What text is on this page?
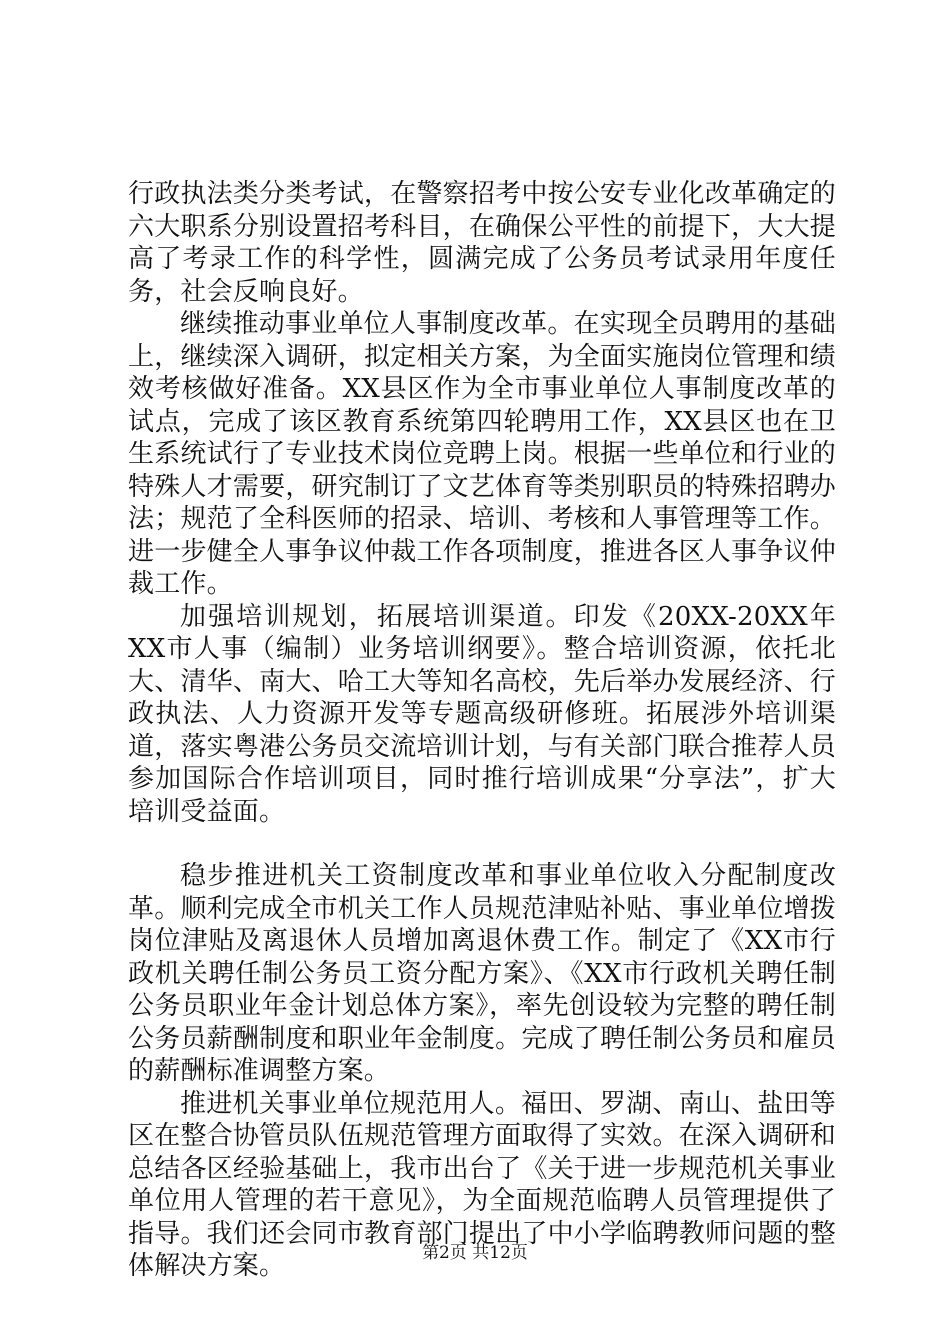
行政执法类分类考试，在警察招考中按公安专业化改革确定的六大职系分别设置招考科目，在确保公平性的前提下，大大提高了考录工作的科学性，圆满完成了公务员考试录用年度任务，社会反响良好。

继续推动事业单位人事制度改革。在实现全员聘用的基础上，继续深入调研，拟定相关方案，为全面实施岗位管理和绩效考核做好准备。XX县区作为全市事业单位人事制度改革的试点，完成了该区教育系统第四轮聘用工作，XX县区也在卫生系统试行了专业技术岗位竞聘上岗。根据一些单位和行业的特殊人才需要，研究制订了文艺体育等类别职员的特殊招聘办法；规范了全科医师的招录、培训、考核和人事管理等工作。进一步健全人事争议仲裁工作各项制度，推进各区人事争议仲裁工作。

加强培训规划，拓展培训渠道。印发《20XX-20XX年XX市人事（编制）业务培训纲要》。整合培训资源，依托北大、清华、南大、哈工大等知名高校，先后举办发展经济、行政执法、人力资源开发等专题高级研修班。拓展涉外培训渠道，落实粤港公务员交流培训计划，与有关部门联合推荐人员参加国际合作培训项目，同时推行培训成果“分享法”，扩大培训受益面。

稳步推进机关工资制度改革和事业单位收入分配制度改革。顺利完成全市机关工作人员规范津贴补贴、事业单位增拨岗位津贴及离退休人员增加离退休费工作。制定了《XX市行政机关聘任制公务员工资分配方案》、《XX市行政机关聘任制公务员职业年金计划总体方案》，率先创设较为完整的聘任制公务员薪酬制度和职业年金制度。完成了聘任制公务员和雇员的薪酬标准调整方案。

推进机关事业单位规范用人。福田、罗湖、南山、盐田等区在整合协管员队伍规范管理方面取得了实效。在深入调研和总结各区经验基础上，我市出台了《关于进一步规范机关事业单位用人管理的若干意见》，为全面规范临聘人员管理提供了指导。我们还会同市教育部门提出了中小学临聘教师问题的整体解决方案。	第2页 共12页
